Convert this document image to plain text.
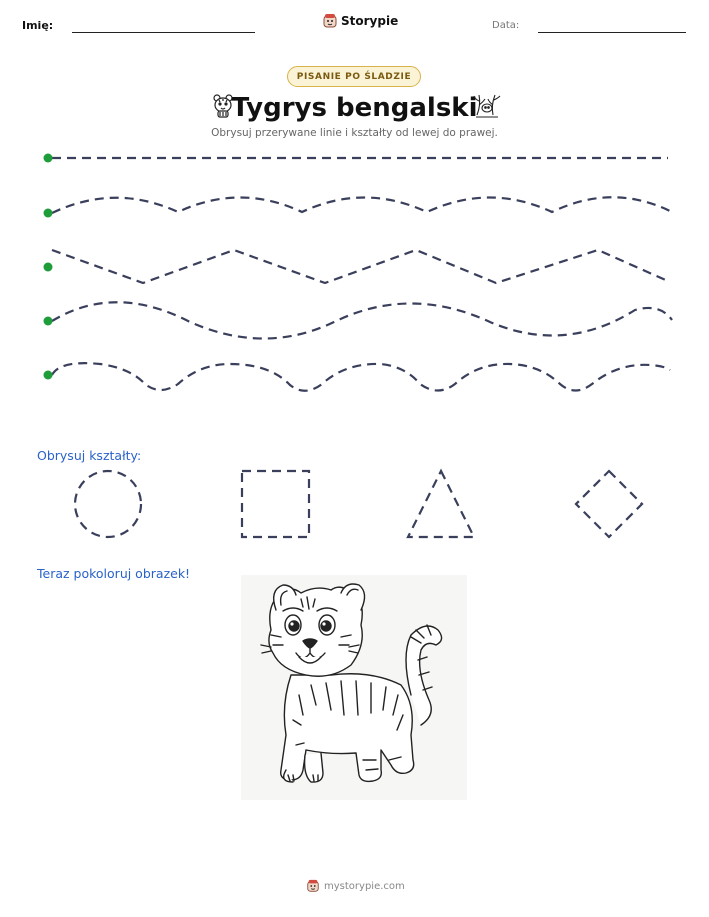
Imię:	Storypie	Data:
PISANIE PO ŚLADZIE
Tygrys bengalski
Obrysuj przerywane linie i kształty od lewej do prawej.
Obrysuj kształty:
Teraz pokoloruj obrazek!
mystorypie.com
